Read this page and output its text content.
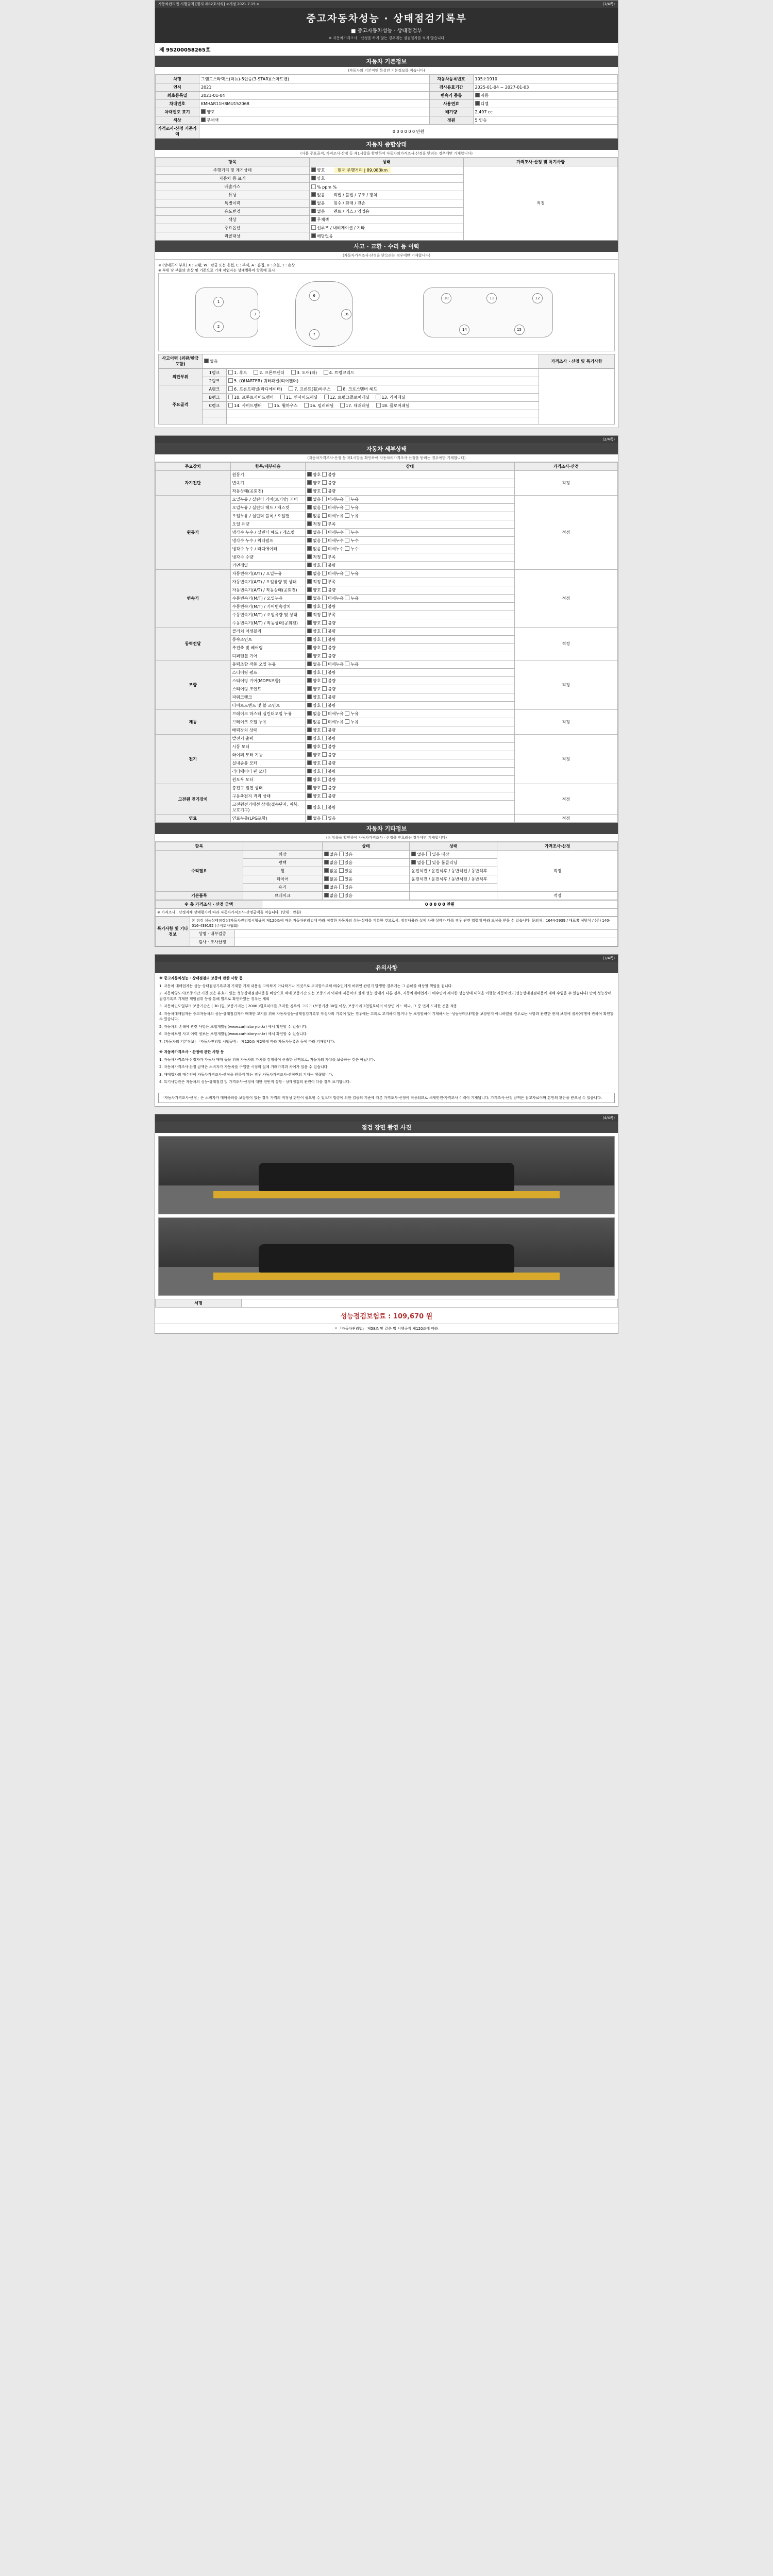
자동차관리법 시행규칙 [별지 제82호서식] <개정 2021.7.15.>	(1/4쪽)
중고자동차성능 · 상태점검기록부
■ 중고자동차성능 · 상태점검부
※ 자동차가격조사 · 산정을 하지 않는 경우에는 점검일자를 적지 않습니다
제 95200058265호
자동차 기본정보
(자동차의 기본적인 특성인 기본정보를 적습니다)
차명	그랜드스타렉스(더뉴)-5인승(3-STAR)(스마트밴)	자동차등록번호	105소1910
연식	2021	검사유효기간	2025-01-04 ~ 2027-01-03
최초등록일	2021-01-04	변속기 종류	자동
차대번호	KMHAR11H8MU152068	사용연료	디젤
차대번호 표기	양호	배기량	2,497 cc
색상	무채색	정원	5 인승
가격조사·산정 기준가액	0 0 0 0 0 0 만원		
자동차 종합상태
(사용 주요골격, 가격조사·산정 등 제1시항을 확인하여 자동차의가격조사·산정을 받려는 경우에만 기재합니다)
항목	상태	가격조사·산정 및 특기사항
주행거리 및 계기상태	양호 현재 주행거리 | 89,083km	적정
자동차 등 표기	양호	
배출가스	% ppm %	
튜닝	없음 적법 / 불법 / 구조 / 장치	
특별이력	없음 침수 / 화재 / 전손	
용도변경	없음 렌트 / 리스 / 영업용	
색상	무채색	
주요옵션	선루프 / 내비게이션 / 기타	
리콜대상	해당없음	
사고 · 교환 · 수리 등 이력
(자동차가격조사·산정을 받으려는 경우에만 기재합니다)
※ (상태표시 부호) X : 교환, W : 판금 또는 용접, C : 부식, A : 흠집, U : 요철, T : 손상
※ 부위 당 부품의 손상 및 기준으로 기재 작업자는 상태별하여 항목에 표시
1
2
3
6
7
16
10	11	12
14	15
사고이력 (외판/판금 포함)	없음	가격조사 · 산정 및 특기사항
외판부위	1랭크	1. 후드 2. 프론트펜더 3. 도어(좌) 4. 트렁크리드	
	2랭크	5. (QUARTER) 쿼터패널(리어펜더)	
주요골격	A랭크	6. 프론트패널(라디에이터) 7. 프론트(휠)하우스 8. 크로스멤버 헤드	
	B랭크	10. 프론트사이드멤버 11. 인사이드패널 12. 트렁크플로어패널 13. 리어패널	
	C랭크	14. 사이드멤버 15. 휠하우스 16. 필러패널 17. 대쉬패널 18. 플로어패널	

(2/4쪽)
자동차 세부상태
(자동차가격조사·산정 등 제1시항을 확인하여 자동차의가격조사·산정을 받려는 경우에만 기재합니다)
주요장치	항목/세부내용	상태	가격조사·산정
자기진단	원동기	양호 불량	적정
	변속기	양호 불량	
	작동상태(공회전)	양호 불량	
원동기	오일누유 / 실린더 커버(로커암) 커버	없음 미세누유 누유	적정
	오일누유 / 실린더 헤드 / 개스킷	없음 미세누유 누유	
	오일누유 / 실린더 블록 / 오일팬	없음 미세누유 누유	
	오일 유량	적정 부족	
	냉각수 누수 / 실린더 헤드 / 개스킷	없음 미세누수 누수	
	냉각수 누수 / 워터펌프	없음 미세누수 누수	
	냉각수 누수 / 라디에이터	없음 미세누수 누수	
	냉각수 수량	적정 부족	
	커먼레일	양호 불량	
변속기	자동변속기(A/T) / 오일누유	없음 미세누유 누유	적정
	자동변속기(A/T) / 오일유량 및 상태	적정 부족	
	자동변속기(A/T) / 작동상태(공회전)	양호 불량	
	수동변속기(M/T) / 오일누유	없음 미세누유 누유	
	수동변속기(M/T) / 기어변속장치	양호 불량	
	수동변속기(M/T) / 오일유량 및 상태	적정 부족	
	수동변속기(M/T) / 작동상태(공회전)	양호 불량	
동력전달	클러치 어셈블리	양호 불량	적정
	등속조인트	양호 불량	
	추진축 및 베어링	양호 불량	
	디퍼렌셜 기어	양호 불량	
조향	동력조향 작동 오일 누유	없음 미세누유 누유	적정
	스티어링 펌프	양호 불량	
	스티어링 기어(MDPS포함)	양호 불량	
	스티어링 조인트	양호 불량	
	파워크랭크	양호 불량	
	타이로드엔드 및 볼 조인트	양호 불량	
제동	브레이크 마스터 실린더오일 누유	없음 미세누유 누유	적정
	브레이크 오일 누유	없음 미세누유 누유	
	배력장치 상태	양호 불량	
전기	발전기 출력	양호 불량	적정
	시동 모터	양호 불량	
	와이퍼 모터 기능	양호 불량	
	실내송풍 모터	양호 불량	
	라디에이터 팬 모터	양호 불량	
	윈도우 모터	양호 불량	
고전원 전기장치	충전구 절연 상태	양호 불량	적정
	구동축전지 격리 상태	양호 불량	
	고전원전기배선 상태(접속단자, 피복, 보호기구)	양호 불량	
연료	연료누출(LPG포함)	없음 있음	적정
자동차 기타정보
(※ 항목을 확인하여 자동차가격조사 · 산정을 받으려는 경우에만 기재합니다)
항목		상태	상태	가격조사·산정
수리필요	외장	없음 있음	없음 있음 내장	적정
	광택	없음 있음	없음 있음 룸클리닝	
	휠	없음 있음	운전석전 / 운전석후 / 동반석전 / 동반석후	
	타이어	없음 있음	운전석전 / 운전석후 / 동반석전 / 동반석후	
	유리	없음 있음		
기본품목	브레이크	없음 있음		적정
※ 총 가격조사 · 산정 금액	0 0 0 0 0 만원
※ 가격조사 · 산정자체 상태평가에 따라 자동차가격조사·산정금액을 적습니다. (단위 : 만원)
특기사항 및 기타정보	본 점검 성능상태점검장(자동차관리법시행규칙 제120조에 따른 자동차관리법에 따라 점검한 자동차의 성능·상태를 기록한 것으로서, 점검내용과 실제 차량 상태가 다를 경우 관련 법령에 따라 보상을 받을 수 있습니다. 문의처 : 1644-5939 / 대표者 심범석 / (주) 140-016-439192 (주식회사협회)	
	성명 · 내부검증	
	검사 · 조사산정	
(3/4쪽)
유의사항

※ 중고자동차성능 · 상태점검의 보증에 관한 사항 등

1. 자동차 매매업자는 성능·상태점검기록부에 기재한 기재 내용을 고의하지 아니하거나 거짓으로 고지할으로써 매수인에게 허위인 관련기 발생한 경우에는 그 손해를 배상할 책임을 집니다.

2. 자동차양도시(보증기간 거친 것은 유효가 있는 성능상태점검내용을 바탕으로 매매 보증기간 또는 보증거리 이내에 자동차의 실제 성능·상태가 다른 경우, 자동차매매업자가 매수인이 제시한 성능상태 내역을 이행할 자동차인도(성능상태점검내용에 대해 수입을 수 있습니다) 만약 성능상태점검기록부 기재한 책임범위 등을 통해 별도로 확인하였는 경우는 제외

3. 자동차인도일부터 보증기간은 ( 30 )일, 보증거리는 ( 2000 )킬로미터를 초과한 경우의 그리고 (보증기간 30일 이상, 보증거리 2천킬로미터 이상인 어느 하나, 그 중 먼저 도래한 것을 적용

4. 자동차매매업자는 중고자동차의 성능·상태점검자가 매매한 고지를 위해 자동차성능·상태점검기록부 작성자의 기록이 없는 경우에는 고의로 고지하지 않거나 등 보장할하여 기재하시는 ·성능상태(내역)을 보장받지 아니하였을 경우로는 사항과 관련한 관계 보험에 절차(이행에 관하여 확인할 수 있습니다.

5. 자동차의 손해에 관련 사항은 보험개발원(www.carhistory.or.kr) 에서 확인할 수 있습니다.

6. 자동차보험 사고 이력 정보는 보험개발원(www.carhistory.or.kr) 에서 확인할 수 있습니다.

7. (자동차의 기본정보) 「자동차관리법 시행규칙」 제120조 제2항에 따라 자동차등록증 등에 따라 기재합니다.

※ 자동차가격조사 · 산정에 관한 사항 등

1. 자동차가격조사·산정자가 자동차 매매 등을 위해 자동차의 가치를 감정하여 산출한 금액으로, 자동차의 가치를 보증하는 것은 아닙니다.

2. 자동차가격조사·산정 금액은 소비자가 자동차를 구입한 시점의 실제 거래가격과 차이가 있을 수 있습니다.

3. 매매업자의 매수인이 자동차가격조사·산정을 원하지 않는 경우 자동차가격조사·산정란의 기재는 생략합니다.

4. 특기사항란은 자동차의 성능·상태점검 및 가격조사·산정에 대한 전반적 상황 · 상태점검의 관련이 다를 경우 표기합니다.

「자동차가격조사·산정」은 소비자가 매매하려를 보장함이 있는 경우 가격의 적정성 판단이 필요할 수 있으며 법령에 의한 검증의 기준에 따른 가격조사·산정이 적용되므로 세세안전·가격조사 이력이 기재됩니다. 가격조사·산정 금액은 참고자료이며 본인의 판단을 받으실 수 있습니다.
(4/4쪽)
점검 장면 촬영 사진
서명	
성능점검보험료 : 109,670 원
* 「자동차관리법」 제58조 및 같은 법 시행규칙 제120조에 따라
